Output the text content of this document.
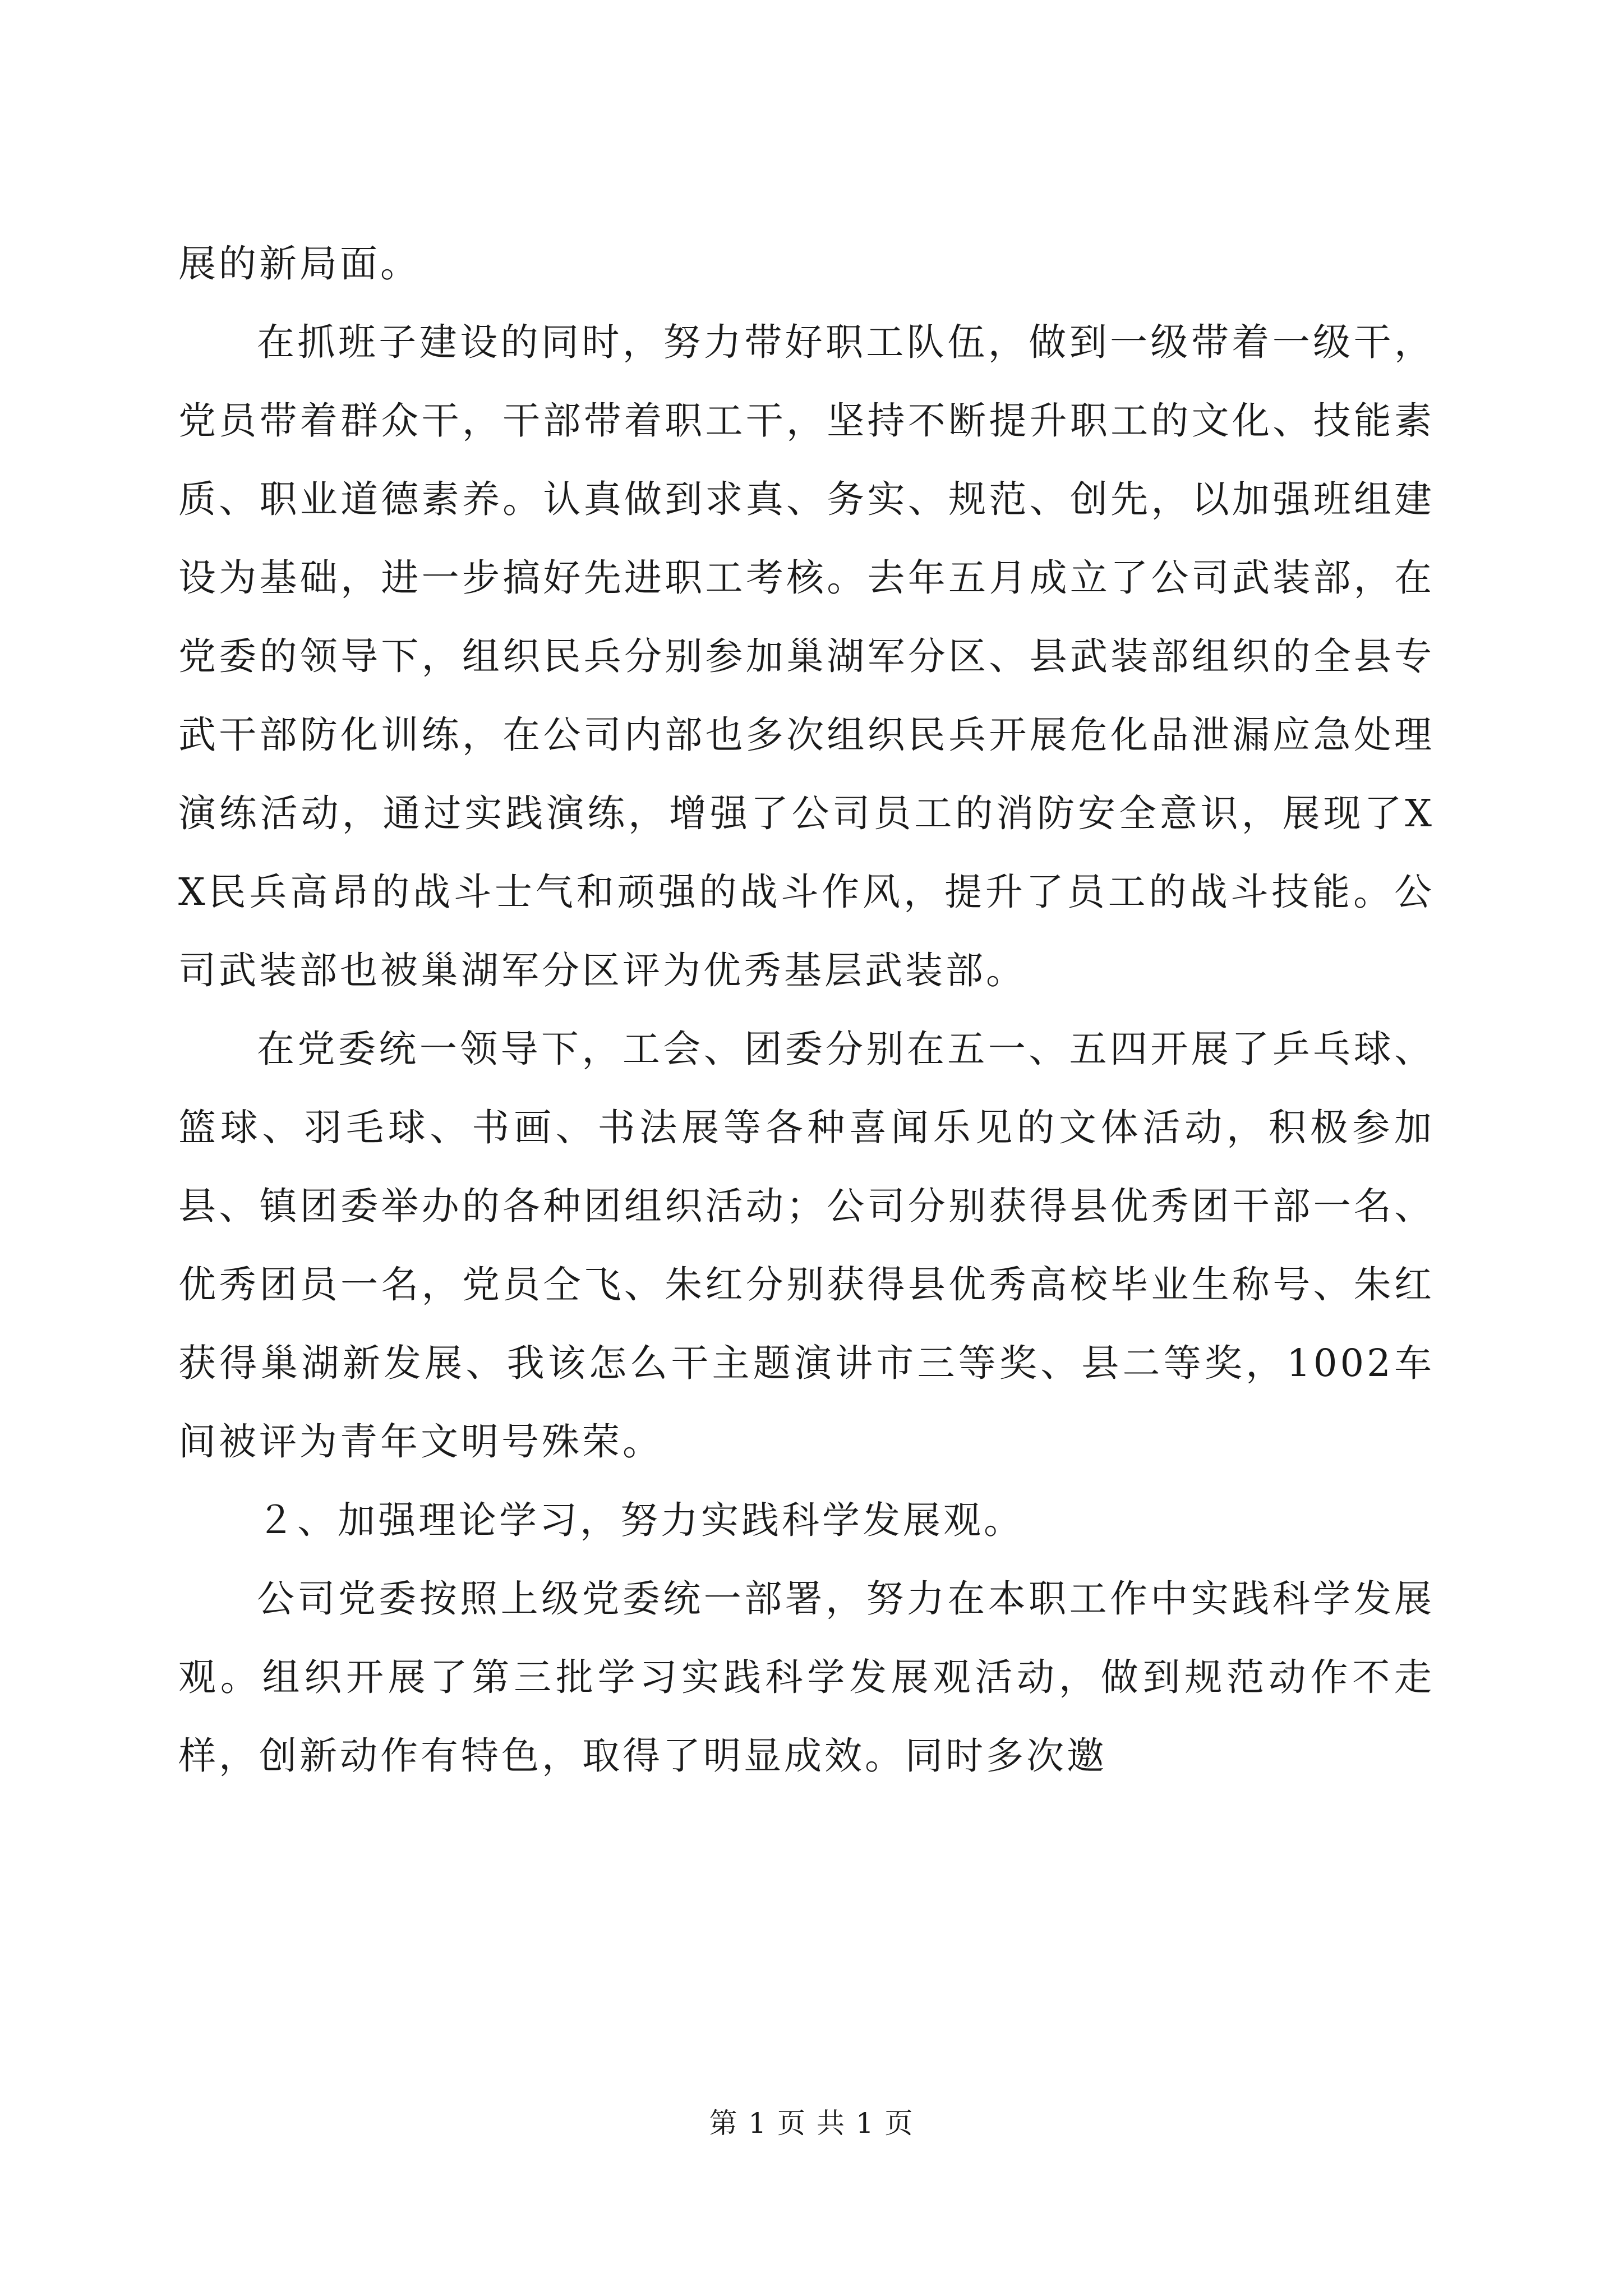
展的新局面。

在抓班子建设的同时，努力带好职工队伍，做到一级带着一级干，党员带着群众干，干部带着职工干，坚持不断提升职工的文化、技能素质、职业道德素养。认真做到求真、务实、规范、创先，以加强班组建设为基础，进一步搞好先进职工考核。去年五月成立了公司武装部，在党委的领导下，组织民兵分别参加巢湖军分区、县武装部组织的全县专武干部防化训练，在公司内部也多次组织民兵开展危化品泄漏应急处理演练活动，通过实践演练，增强了公司员工的消防安全意识，展现了XX民兵高昂的战斗士气和顽强的战斗作风，提升了员工的战斗技能。公司武装部也被巢湖军分区评为优秀基层武装部。

在党委统一领导下，工会、团委分别在五一、五四开展了乒乓球、篮球、羽毛球、书画、书法展等各种喜闻乐见的文体活动，积极参加县、镇团委举办的各种团组织活动；公司分别获得县优秀团干部一名、优秀团员一名，党员仝飞、朱红分别获得县优秀高校毕业生称号、朱红获得巢湖新发展、我该怎么干主题演讲市三等奖、县二等奖，1002车间被评为青年文明号殊荣。

２、加强理论学习，努力实践科学发展观。

公司党委按照上级党委统一部署，努力在本职工作中实践科学发展观。组织开展了第三批学习实践科学发展观活动，做到规范动作不走样，创新动作有特色，取得了明显成效。同时多次邀

第 1 页 共 1 页
